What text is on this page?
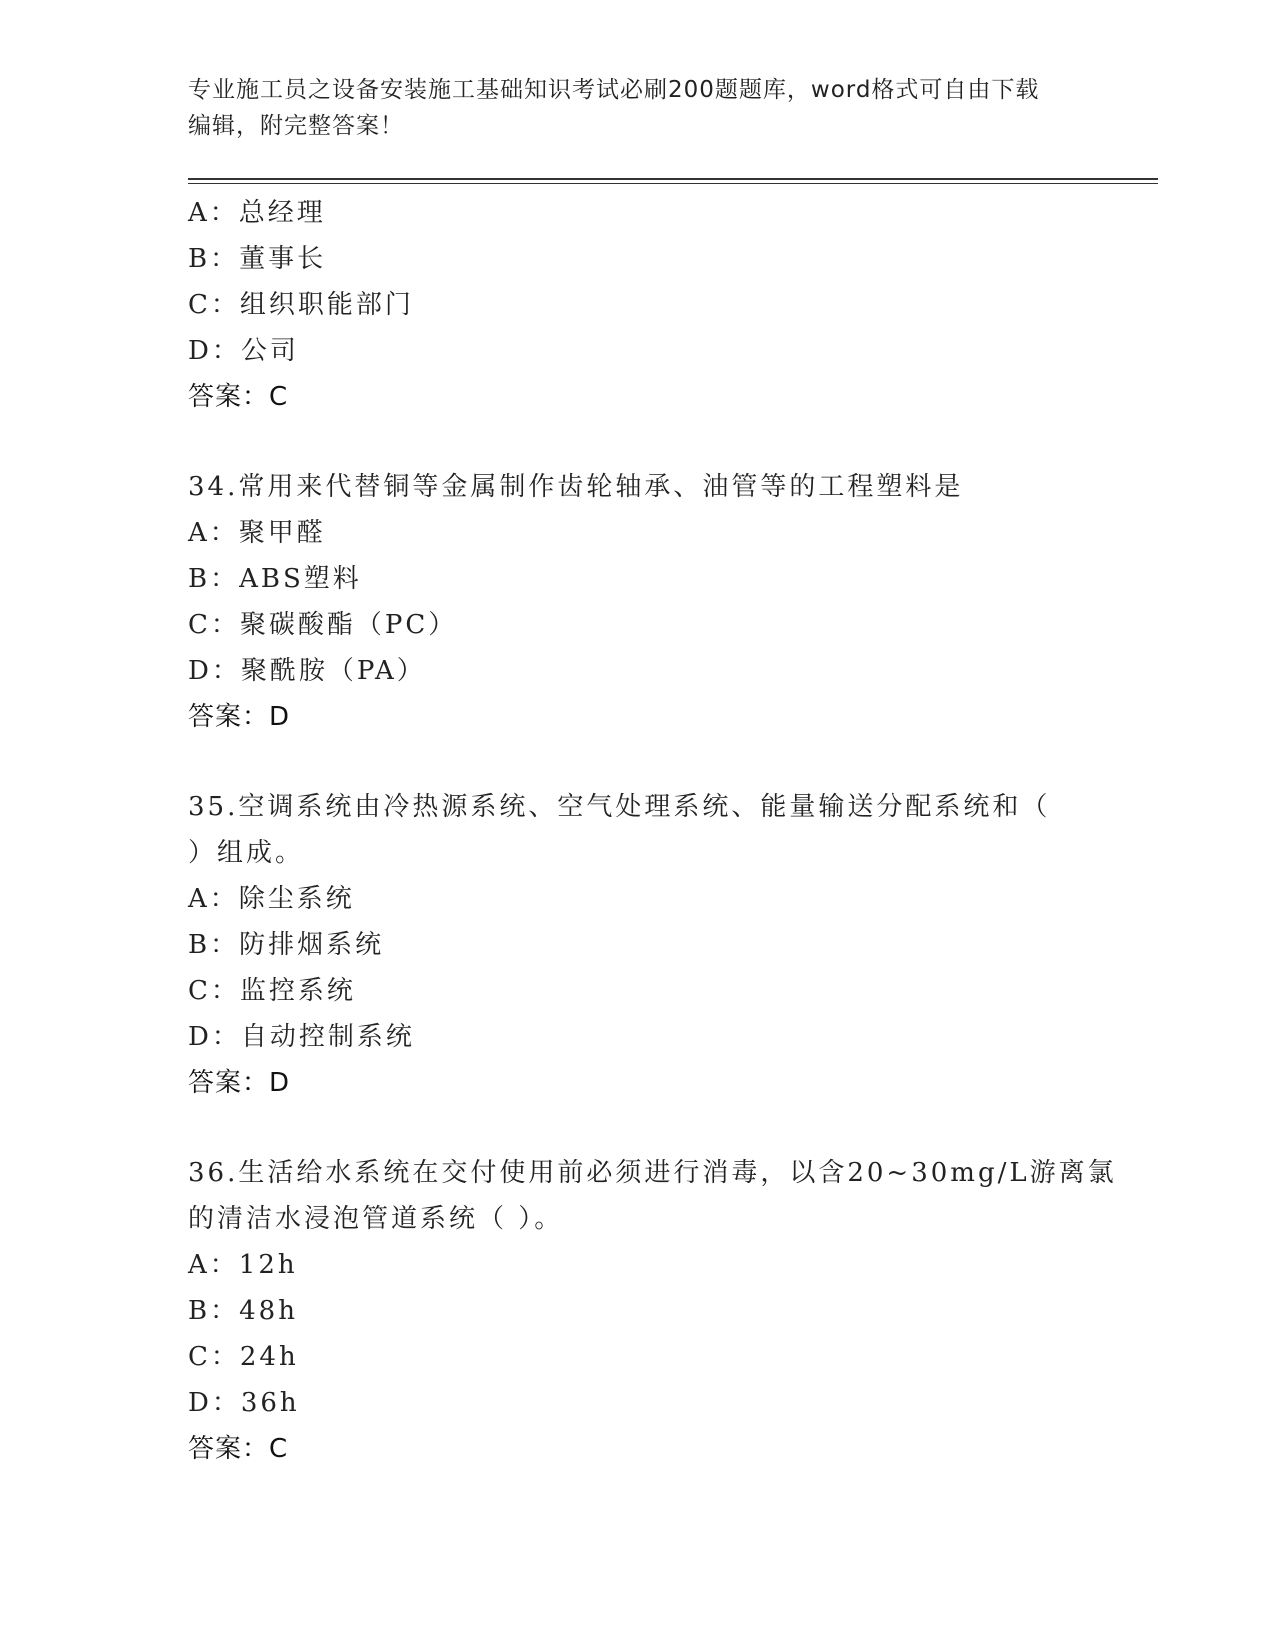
专业施工员之设备安装施工基础知识考试必刷200题题库，word格式可自由下载
编辑，附完整答案！
A：总经理
B：董事长
C：组织职能部门
D：公司
答案：C
34.常用来代替铜等金属制作齿轮轴承、油管等的工程塑料是
A：聚甲醛
B：ABS塑料
C：聚碳酸酯（PC）
D：聚酰胺（PA）
答案：D
35.空调系统由冷热源系统、空气处理系统、能量输送分配系统和（
）组成。
A：除尘系统
B：防排烟系统
C：监控系统
D：自动控制系统
答案：D
36.生活给水系统在交付使用前必须进行消毒，以含20~30mg/L游离氯
的清洁水浸泡管道系统（ ）。
A：12h
B：48h
C：24h
D：36h
答案：C
